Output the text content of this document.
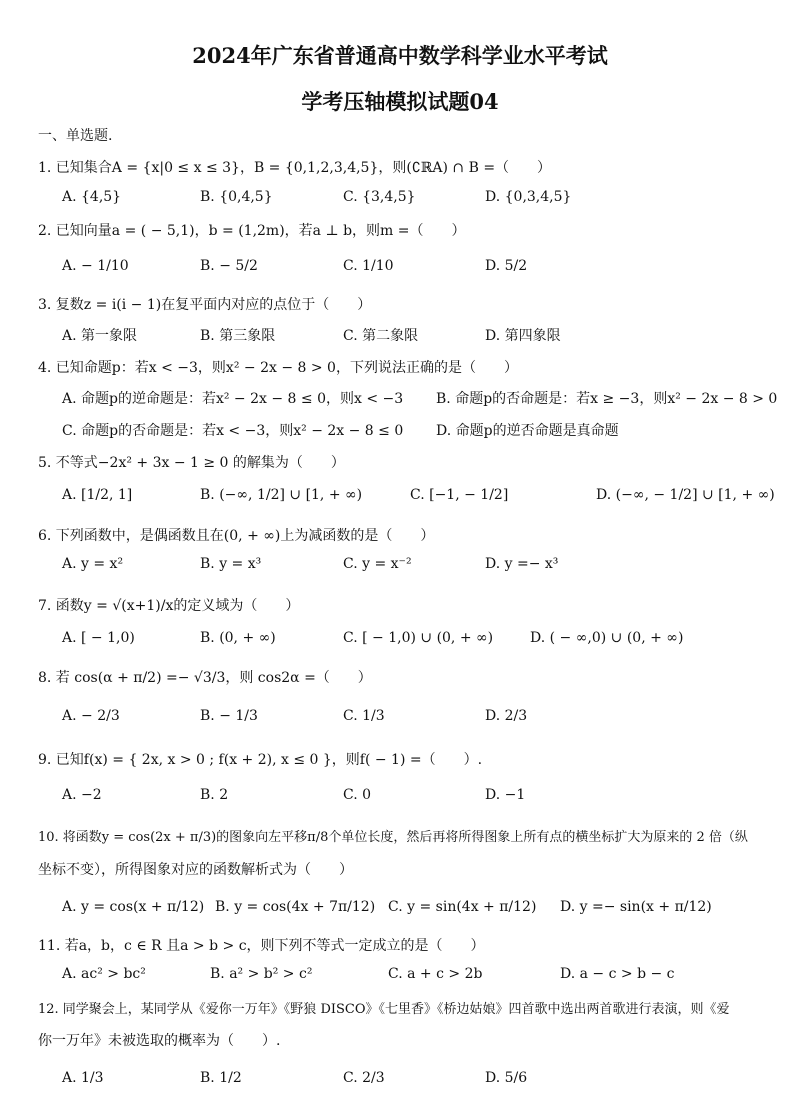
2024年广东省普通高中数学科学业水平考试
学考压轴模拟试题04
一、单选题.
1. 已知集合A = {x|0 ≤ x ≤ 3}，B = {0,1,2,3,4,5}，则(∁ℝA) ∩ B =（　　）
A. {4,5}	B. {0,4,5}	C. {3,4,5}	D. {0,3,4,5}
2. 已知向量a = ( − 5,1)，b = (1,2m)，若a ⊥ b，则m =（　　）
A. − 1/10	B. − 5/2	C. 1/10	D. 5/2
3. 复数z = i(i − 1)在复平面内对应的点位于（　　）
A. 第一象限	B. 第三象限	C. 第二象限	D. 第四象限
4. 已知命题p：若x < −3，则x² − 2x − 8 > 0，下列说法正确的是（　　）
A. 命题p的逆命题是：若x² − 2x − 8 ≤ 0，则x < −3 B. 命题p的否命题是：若x ≥ −3，则x² − 2x − 8 > 0
C. 命题p的否命题是：若x < −3，则x² − 2x − 8 ≤ 0 D. 命题p的逆否命题是真命题
5. 不等式−2x² + 3x − 1 ≥ 0 的解集为（　　）
A. [1/2, 1]	B. (−∞, 1/2] ∪ [1, + ∞)	C. [−1, − 1/2]	D. (−∞, − 1/2] ∪ [1, + ∞)
6. 下列函数中，是偶函数且在(0, + ∞)上为减函数的是（　　）
A. y = x²	B. y = x³	C. y = x⁻²	D. y =− x³
7. 函数y = √(x+1)/x的定义域为（　　）
A. [ − 1,0)	B. (0, + ∞)	C. [ − 1,0) ∪ (0, + ∞)	D. ( − ∞,0) ∪ (0, + ∞)
8. 若 cos(α + π/2) =− √3/3，则 cos2α =（　　）
A. − 2/3	B. − 1/3	C. 1/3	D. 2/3
9. 已知f(x) = { 2x, x > 0 ; f(x + 2), x ≤ 0 }，则f( − 1) =（　　）.
A. −2	B. 2	C. 0	D. −1
10. 将函数y = cos(2x + π/3)的图象向左平移π/8个单位长度，然后再将所得图象上所有点的横坐标扩大为原来的 2 倍（纵
坐标不变），所得图象对应的函数解析式为（　　）
A. y = cos(x + π/12) B. y = cos(4x + 7π/12) C. y = sin(4x + π/12) D. y =− sin(x + π/12)
11. 若a，b，c ∈ R 且a > b > c，则下列不等式一定成立的是（　　）
A. ac² > bc²	B. a² > b² > c²	C. a + c > 2b	D. a − c > b − c
12. 同学聚会上，某同学从《爱你一万年》《野狼 DISCO》《七里香》《桥边姑娘》四首歌中选出两首歌进行表演，则《爱
你一万年》未被选取的概率为（　　）.
A. 1/3	B. 1/2	C. 2/3	D. 5/6
